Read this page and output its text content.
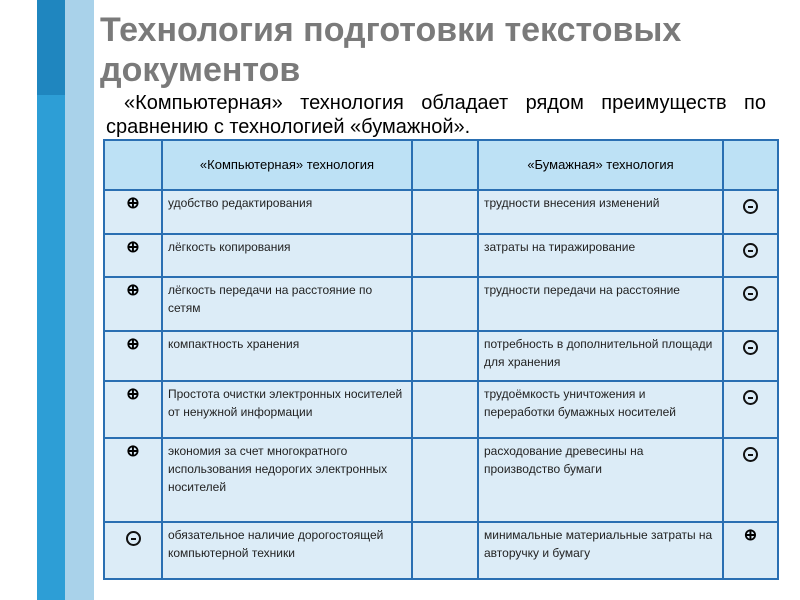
Технология подготовки текстовых документов
«Компьютерная» технология обладает рядом преимуществ по сравнению с технологией «бумажной».
	«Компьютерная» технология		«Бумажная» технология	
⊕	удобство редактирования		трудности внесения изменений	
⊕	лёгкость копирования		затраты на тиражирование	
⊕	лёгкость передачи на расстояние по сетям		трудности передачи на расстояние	
⊕	компактность хранения		потребность в дополнительной площади для хранения	
⊕	Простота очистки электронных носителей от ненужной информации		трудоёмкость уничтожения и переработки бумажных носителей	
⊕	экономия за счет многократного использования недорогих электронных носителей		расходование древесины на производство бумаги	
	обязательное наличие дорогостоящей компьютерной техники		минимальные материальные затраты на авторучку и бумагу	⊕
